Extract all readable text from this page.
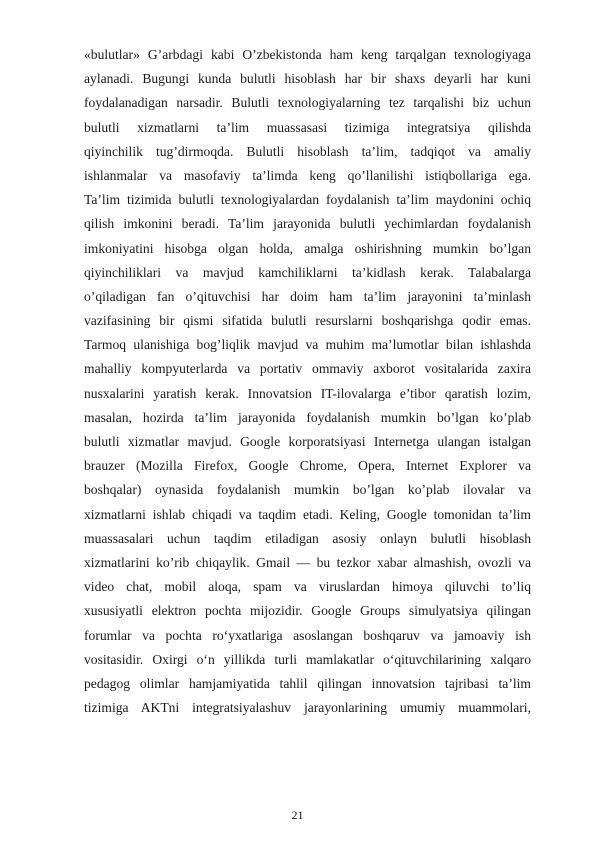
«bulutlar» G’arbdagi kabi O’zbekistonda ham keng tarqalgan texnologiyaga
aylanadi. Bugungi kunda bulutli hisoblash har bir shaxs deyarli har kuni
foydalanadigan narsadir. Bulutli texnologiyalarning tez tarqalishi biz uchun
bulutli xizmatlarni ta’lim muassasasi tizimiga integratsiya qilishda
qiyinchilik tug’dirmoqda. Bulutli hisoblash ta’lim, tadqiqot va amaliy
ishlanmalar va masofaviy ta’limda keng qo’llanilishi istiqbollariga ega.
Ta’lim tizimida bulutli texnologiyalardan foydalanish ta’lim maydonini ochiq
qilish imkonini beradi. Ta’lim jarayonida bulutli yechimlardan foydalanish
imkoniyatini hisobga olgan holda, amalga oshirishning mumkin bo’lgan
qiyinchiliklari va mavjud kamchiliklarni ta’kidlash kerak. Talabalarga
o’qiladigan fan o’qituvchisi har doim ham ta’lim jarayonini ta’minlash
vazifasining bir qismi sifatida bulutli resurslarni boshqarishga qodir emas.
Tarmoq ulanishiga bog’liqlik mavjud va muhim ma’lumotlar bilan ishlashda
mahalliy kompyuterlarda va portativ ommaviy axborot vositalarida zaxira
nusxalarini yaratish kerak. Innovatsion IT-ilovalarga e’tibor qaratish lozim,
masalan, hozirda ta’lim jarayonida foydalanish mumkin bo’lgan ko’plab
bulutli xizmatlar mavjud. Google korporatsiyasi Internetga ulangan istalgan
brauzer (Mozilla Firefox, Google Chrome, Opera, Internet Explorer va
boshqalar) oynasida foydalanish mumkin bo’lgan ko’plab ilovalar va
xizmatlarni ishlab chiqadi va taqdim etadi. Keling, Google tomonidan ta’lim
muassasalari uchun taqdim etiladigan asosiy onlayn bulutli hisoblash
xizmatlarini ko’rib chiqaylik. Gmail — bu tezkor xabar almashish, ovozli va
video chat, mobil aloqa, spam va viruslardan himoya qiluvchi to’liq
xususiyatli elektron pochta mijozidir. Google Groups simulyatsiya qilingan
forumlar va pochta ro‘yxatlariga asoslangan boshqaruv va jamoaviy ish
vositasidir. Oxirgi o‘n yillikda turli mamlakatlar o‘qituvchilarining xalqaro
pedagog olimlar hamjamiyatida tahlil qilingan innovatsion tajribasi ta’lim
tizimiga AKTni integratsiyalashuv jarayonlarining umumiy muammolari,
21
